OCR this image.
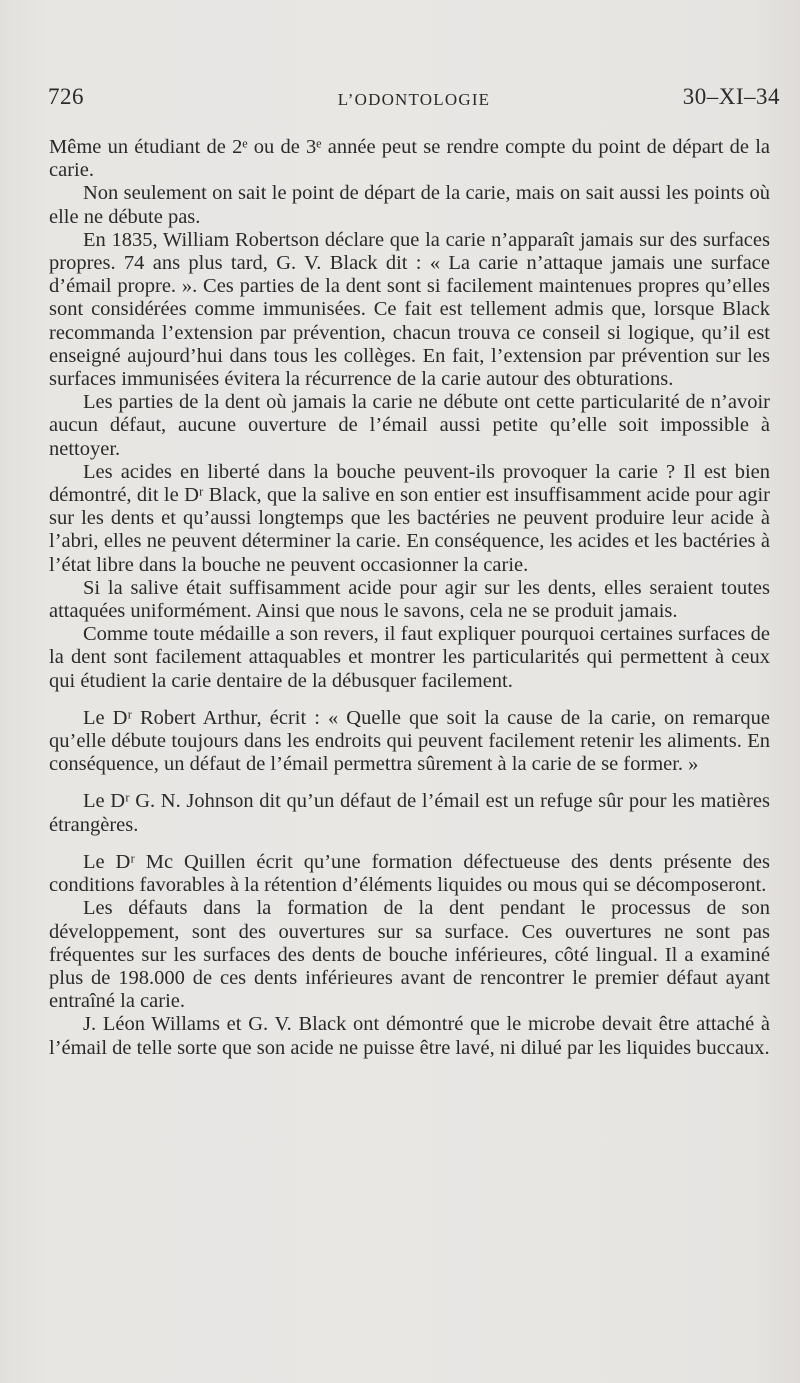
726	L’ODONTOLOGIE	30–XI–34

Même un étudiant de 2ᵉ ou de 3ᵉ année peut se rendre compte du point de départ de la carie.

Non seulement on sait le point de départ de la carie, mais on sait aussi les points où elle ne débute pas.

En 1835, William Robertson déclare que la carie n’apparaît jamais sur des surfaces propres. 74 ans plus tard, G. V. Black dit : « La carie n’attaque jamais une surface d’émail propre. ». Ces parties de la dent sont si facilement maintenues propres qu’elles sont considérées comme immunisées. Ce fait est tellement admis que, lorsque Black recommanda l’extension par prévention, chacun trouva ce conseil si logique, qu’il est enseigné aujourd’hui dans tous les collèges. En fait, l’extension par prévention sur les surfaces immunisées évitera la récurrence de la carie autour des obturations.

Les parties de la dent où jamais la carie ne débute ont cette particularité de n’avoir aucun défaut, aucune ouverture de l’émail aussi petite qu’elle soit impossible à nettoyer.

Les acides en liberté dans la bouche peuvent-ils provoquer la carie ? Il est bien démontré, dit le Dʳ Black, que la salive en son entier est insuffisamment acide pour agir sur les dents et qu’aussi longtemps que les bactéries ne peuvent produire leur acide à l’abri, elles ne peuvent déterminer la carie. En conséquence, les acides et les bactéries à l’état libre dans la bouche ne peuvent occasionner la carie.

Si la salive était suffisamment acide pour agir sur les dents, elles seraient toutes attaquées uniformément. Ainsi que nous le savons, cela ne se produit jamais.

Comme toute médaille a son revers, il faut expliquer pourquoi certaines surfaces de la dent sont facilement attaquables et montrer les particularités qui permettent à ceux qui étudient la carie dentaire de la débusquer facilement.

Le Dʳ Robert Arthur, écrit : « Quelle que soit la cause de la carie, on remarque qu’elle débute toujours dans les endroits qui peuvent facilement retenir les aliments. En conséquence, un défaut de l’émail permettra sûrement à la carie de se former. »

Le Dʳ G. N. Johnson dit qu’un défaut de l’émail est un refuge sûr pour les matières étrangères.

Le Dʳ Mc Quillen écrit qu’une formation défectueuse des dents présente des conditions favorables à la rétention d’éléments liquides ou mous qui se décomposeront.

Les défauts dans la formation de la dent pendant le processus de son développement, sont des ouvertures sur sa surface. Ces ouvertures ne sont pas fréquentes sur les surfaces des dents de bouche inférieures, côté lingual. Il a examiné plus de 198.000 de ces dents inférieures avant de rencontrer le premier défaut ayant entraîné la carie.

J. Léon Willams et G. V. Black ont démontré que le microbe devait être attaché à l’émail de telle sorte que son acide ne puisse être lavé, ni dilué par les liquides buccaux.
